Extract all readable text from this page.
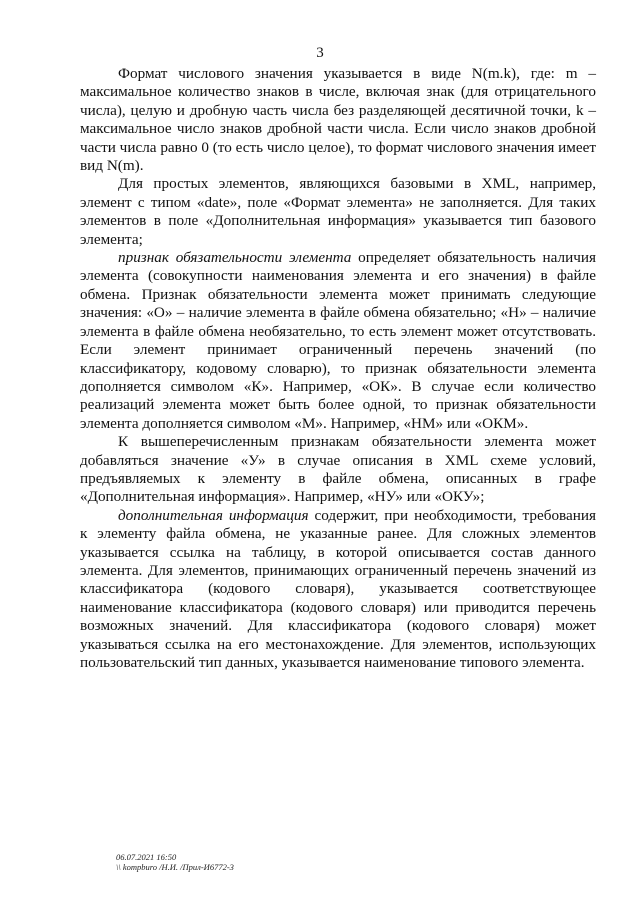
3

Формат числового значения указывается в виде N(m.k), где: m – максимальное количество знаков в числе, включая знак (для отрицательного числа), целую и дробную часть числа без разделяющей десятичной точки, k – максимальное число знаков дробной части числа. Если число знаков дробной части числа равно 0 (то есть число целое), то формат числового значения имеет вид N(m).

Для простых элементов, являющихся базовыми в XML, например, элемент с типом «date», поле «Формат элемента» не заполняется. Для таких элементов в поле «Дополнительная информация» указывается тип базового элемента;

признак обязательности элемента определяет обязательность наличия элемента (совокупности наименования элемента и его значения) в файле обмена. Признак обязательности элемента может принимать следующие значения: «О» – наличие элемента в файле обмена обязательно; «Н» – наличие элемента в файле обмена необязательно, то есть элемент может отсутствовать. Если элемент принимает ограниченный перечень значений (по классификатору, кодовому словарю), то признак обязательности элемента дополняется символом «К». Например, «ОК». В случае если количество реализаций элемента может быть более одной, то признак обязательности элемента дополняется символом «М». Например, «НМ» или «ОКМ».

К вышеперечисленным признакам обязательности элемента может добавляться значение «У» в случае описания в XML схеме условий, предъявляемых к элементу в файле обмена, описанных в графе «Дополнительная информация». Например, «НУ» или «ОКУ»;

дополнительная информация содержит, при необходимости, требования к элементу файла обмена, не указанные ранее. Для сложных элементов указывается ссылка на таблицу, в которой описывается состав данного элемента. Для элементов, принимающих ограниченный перечень значений из классификатора (кодового словаря), указывается соответствующее наименование классификатора (кодового словаря) или приводится перечень возможных значений. Для классификатора (кодового словаря) может указываться ссылка на его местонахождение. Для элементов, использующих пользовательский тип данных, указывается наименование типового элемента.

06.07.2021 16:50
\\ kompburo /Н.И. /Прил-И6772-3
